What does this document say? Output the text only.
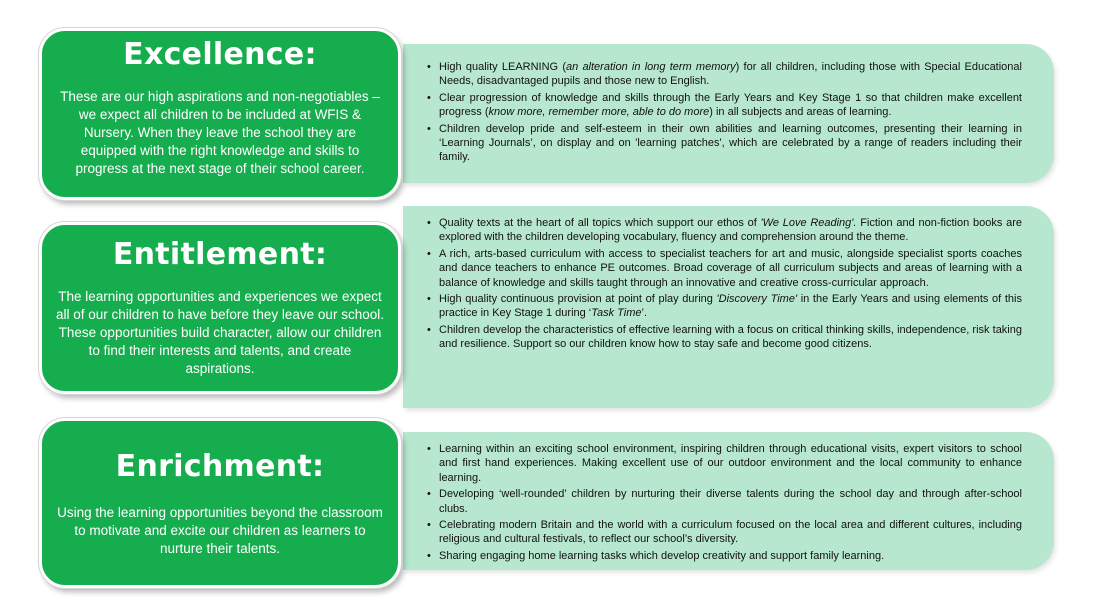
• High quality LEARNING (an alteration in long term memory) for all children, including those with Special Educational Needs, disadvantaged pupils and those new to English.
• Clear progression of knowledge and skills through the Early Years and Key Stage 1 so that children make excellent progress (know more, remember more, able to do more) in all subjects and areas of learning.
• Children develop pride and self-esteem in their own abilities and learning outcomes, presenting their learning in ‘Learning Journals’, on display and on 'learning patches', which are celebrated by a range of readers including their family.
Excellence:

These are our high aspirations and non-negotiables – we expect all children to be included at WFIS & Nursery. When they leave the school they are equipped with the right knowledge and skills to progress at the next stage of their school career.

• Quality texts at the heart of all topics which support our ethos of 'We Love Reading'. Fiction and non-fiction books are explored with the children developing vocabulary, fluency and comprehension around the theme.
• A rich, arts-based curriculum with access to specialist teachers for art and music, alongside specialist sports coaches and dance teachers to enhance PE outcomes. Broad coverage of all curriculum subjects and areas of learning with a balance of knowledge and skills taught through an innovative and creative cross-curricular approach.
• High quality continuous provision at point of play during 'Discovery Time' in the Early Years and using elements of this practice in Key Stage 1 during ‘Task Time’.
• Children develop the characteristics of effective learning with a focus on critical thinking skills, independence, risk taking and resilience. Support so our children know how to stay safe and become good citizens.
Entitlement:

The learning opportunities and experiences we expect all of our children to have before they leave our school. These opportunities build character, allow our children to find their interests and talents, and create aspirations.

• Learning within an exciting school environment, inspiring children through educational visits, expert visitors to school and first hand experiences. Making excellent use of our outdoor environment and the local community to enhance learning.
• Developing ‘well-rounded’ children by nurturing their diverse talents during the school day and through after-school clubs.
• Celebrating modern Britain and the world with a curriculum focused on the local area and different cultures, including religious and cultural festivals, to reflect our school’s diversity.
• Sharing engaging home learning tasks which develop creativity and support family learning.
Enrichment:

Using the learning opportunities beyond the classroom to motivate and excite our children as learners to nurture their talents.
